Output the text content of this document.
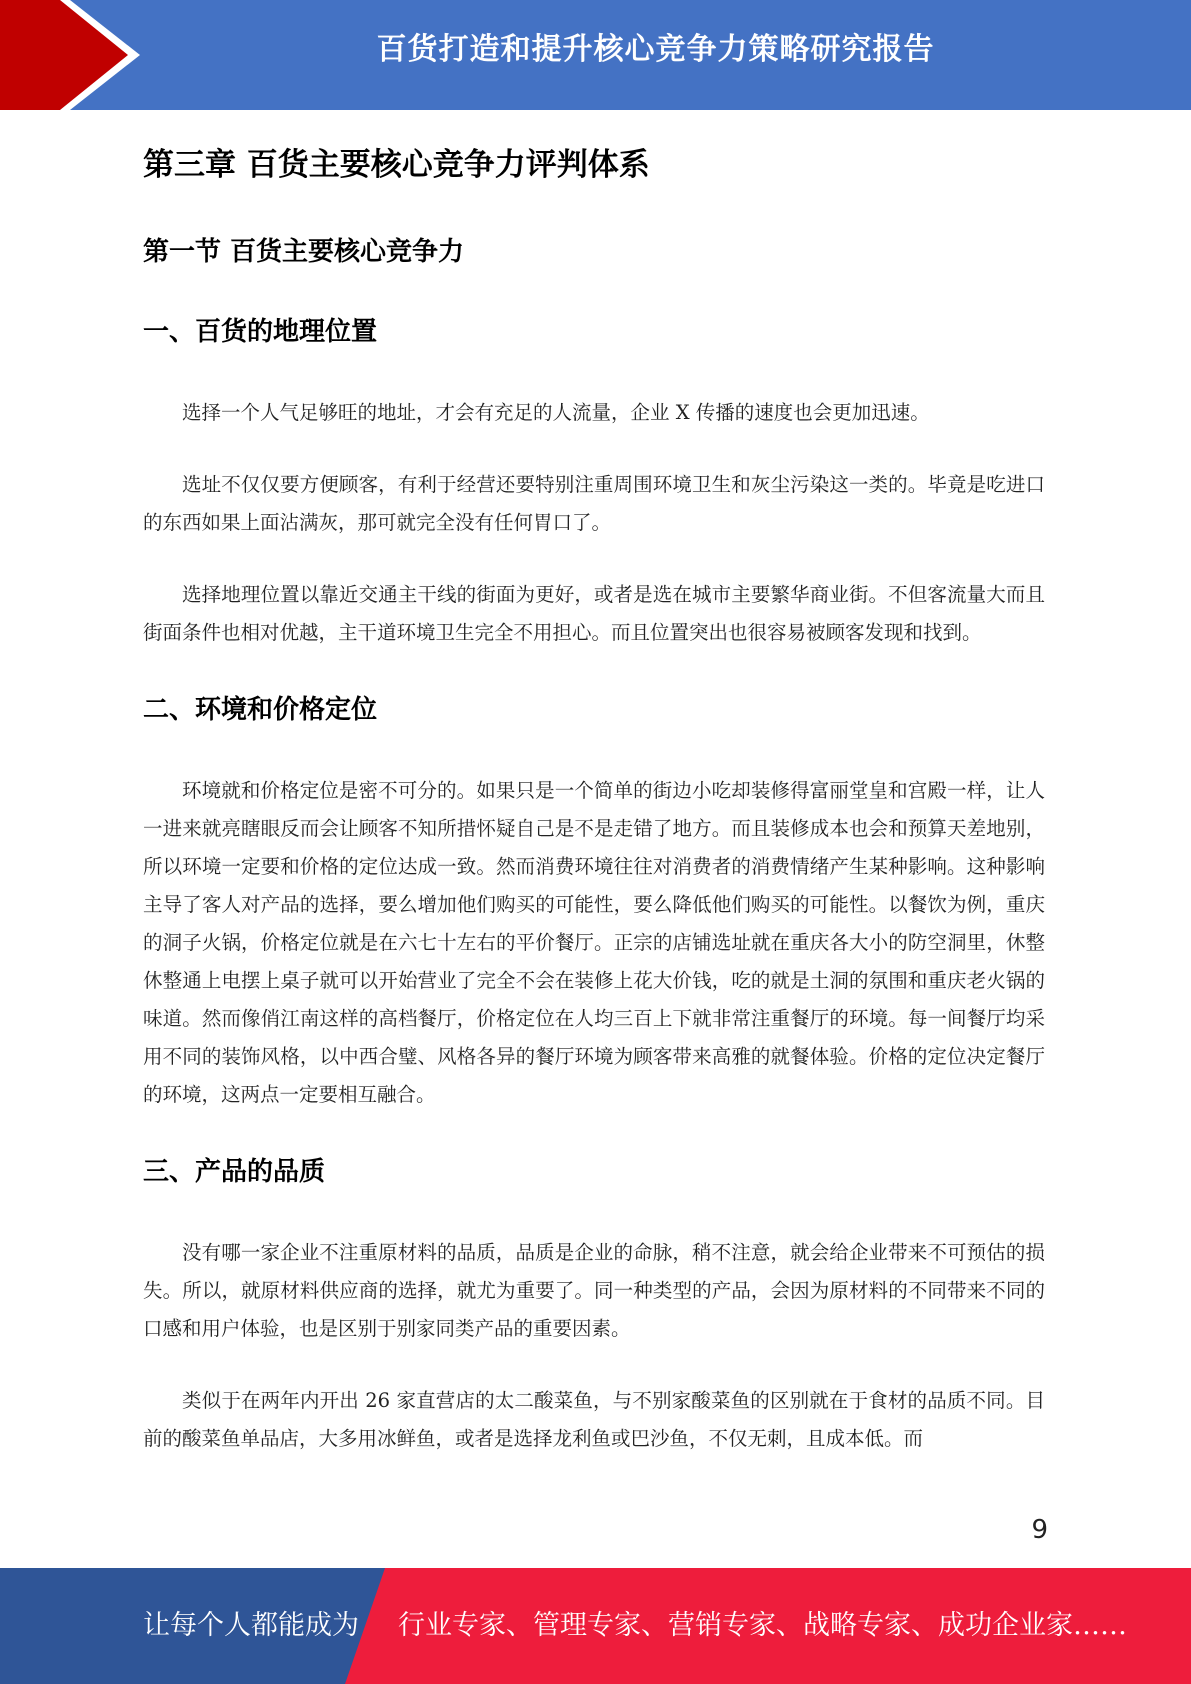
百货打造和提升核心竞争力策略研究报告
第三章 百货主要核心竞争力评判体系
第一节 百货主要核心竞争力
一、百货的地理位置

选择一个人气足够旺的地址，才会有充足的人流量，企业 X 传播的速度也会更加迅速。

选址不仅仅要方便顾客，有利于经营还要特别注重周围环境卫生和灰尘污染这一类的。毕竟是吃进口的东西如果上面沾满灰，那可就完全没有任何胃口了。

选择地理位置以靠近交通主干线的街面为更好，或者是选在城市主要繁华商业街。不但客流量大而且街面条件也相对优越，主干道环境卫生完全不用担心。而且位置突出也很容易被顾客发现和找到。

二、环境和价格定位

环境就和价格定位是密不可分的。如果只是一个简单的街边小吃却装修得富丽堂皇和宫殿一样，让人一进来就亮瞎眼反而会让顾客不知所措怀疑自己是不是走错了地方。而且装修成本也会和预算天差地别，所以环境一定要和价格的定位达成一致。然而消费环境往往对消费者的消费情绪产生某种影响。这种影响主导了客人对产品的选择，要么增加他们购买的可能性，要么降低他们购买的可能性。以餐饮为例，重庆的洞子火锅，价格定位就是在六七十左右的平价餐厅。正宗的店铺选址就在重庆各大小的防空洞里，休整休整通上电摆上桌子就可以开始营业了完全不会在装修上花大价钱，吃的就是土洞的氛围和重庆老火锅的味道。然而像俏江南这样的高档餐厅，价格定位在人均三百上下就非常注重餐厅的环境。每一间餐厅均采用不同的装饰风格，以中西合璧、风格各异的餐厅环境为顾客带来高雅的就餐体验。价格的定位决定餐厅的环境，这两点一定要相互融合。

三、产品的品质

没有哪一家企业不注重原材料的品质，品质是企业的命脉，稍不注意，就会给企业带来不可预估的损失。所以，就原材料供应商的选择，就尤为重要了。同一种类型的产品，会因为原材料的不同带来不同的口感和用户体验，也是区别于别家同类产品的重要因素。

类似于在两年内开出 26 家直营店的太二酸菜鱼，与不别家酸菜鱼的区别就在于食材的品质不同。目前的酸菜鱼单品店，大多用冰鲜鱼，或者是选择龙利鱼或巴沙鱼，不仅无刺，且成本低。而

9
让每个人都能成为 行业专家、管理专家、营销专家、战略专家、成功企业家……
